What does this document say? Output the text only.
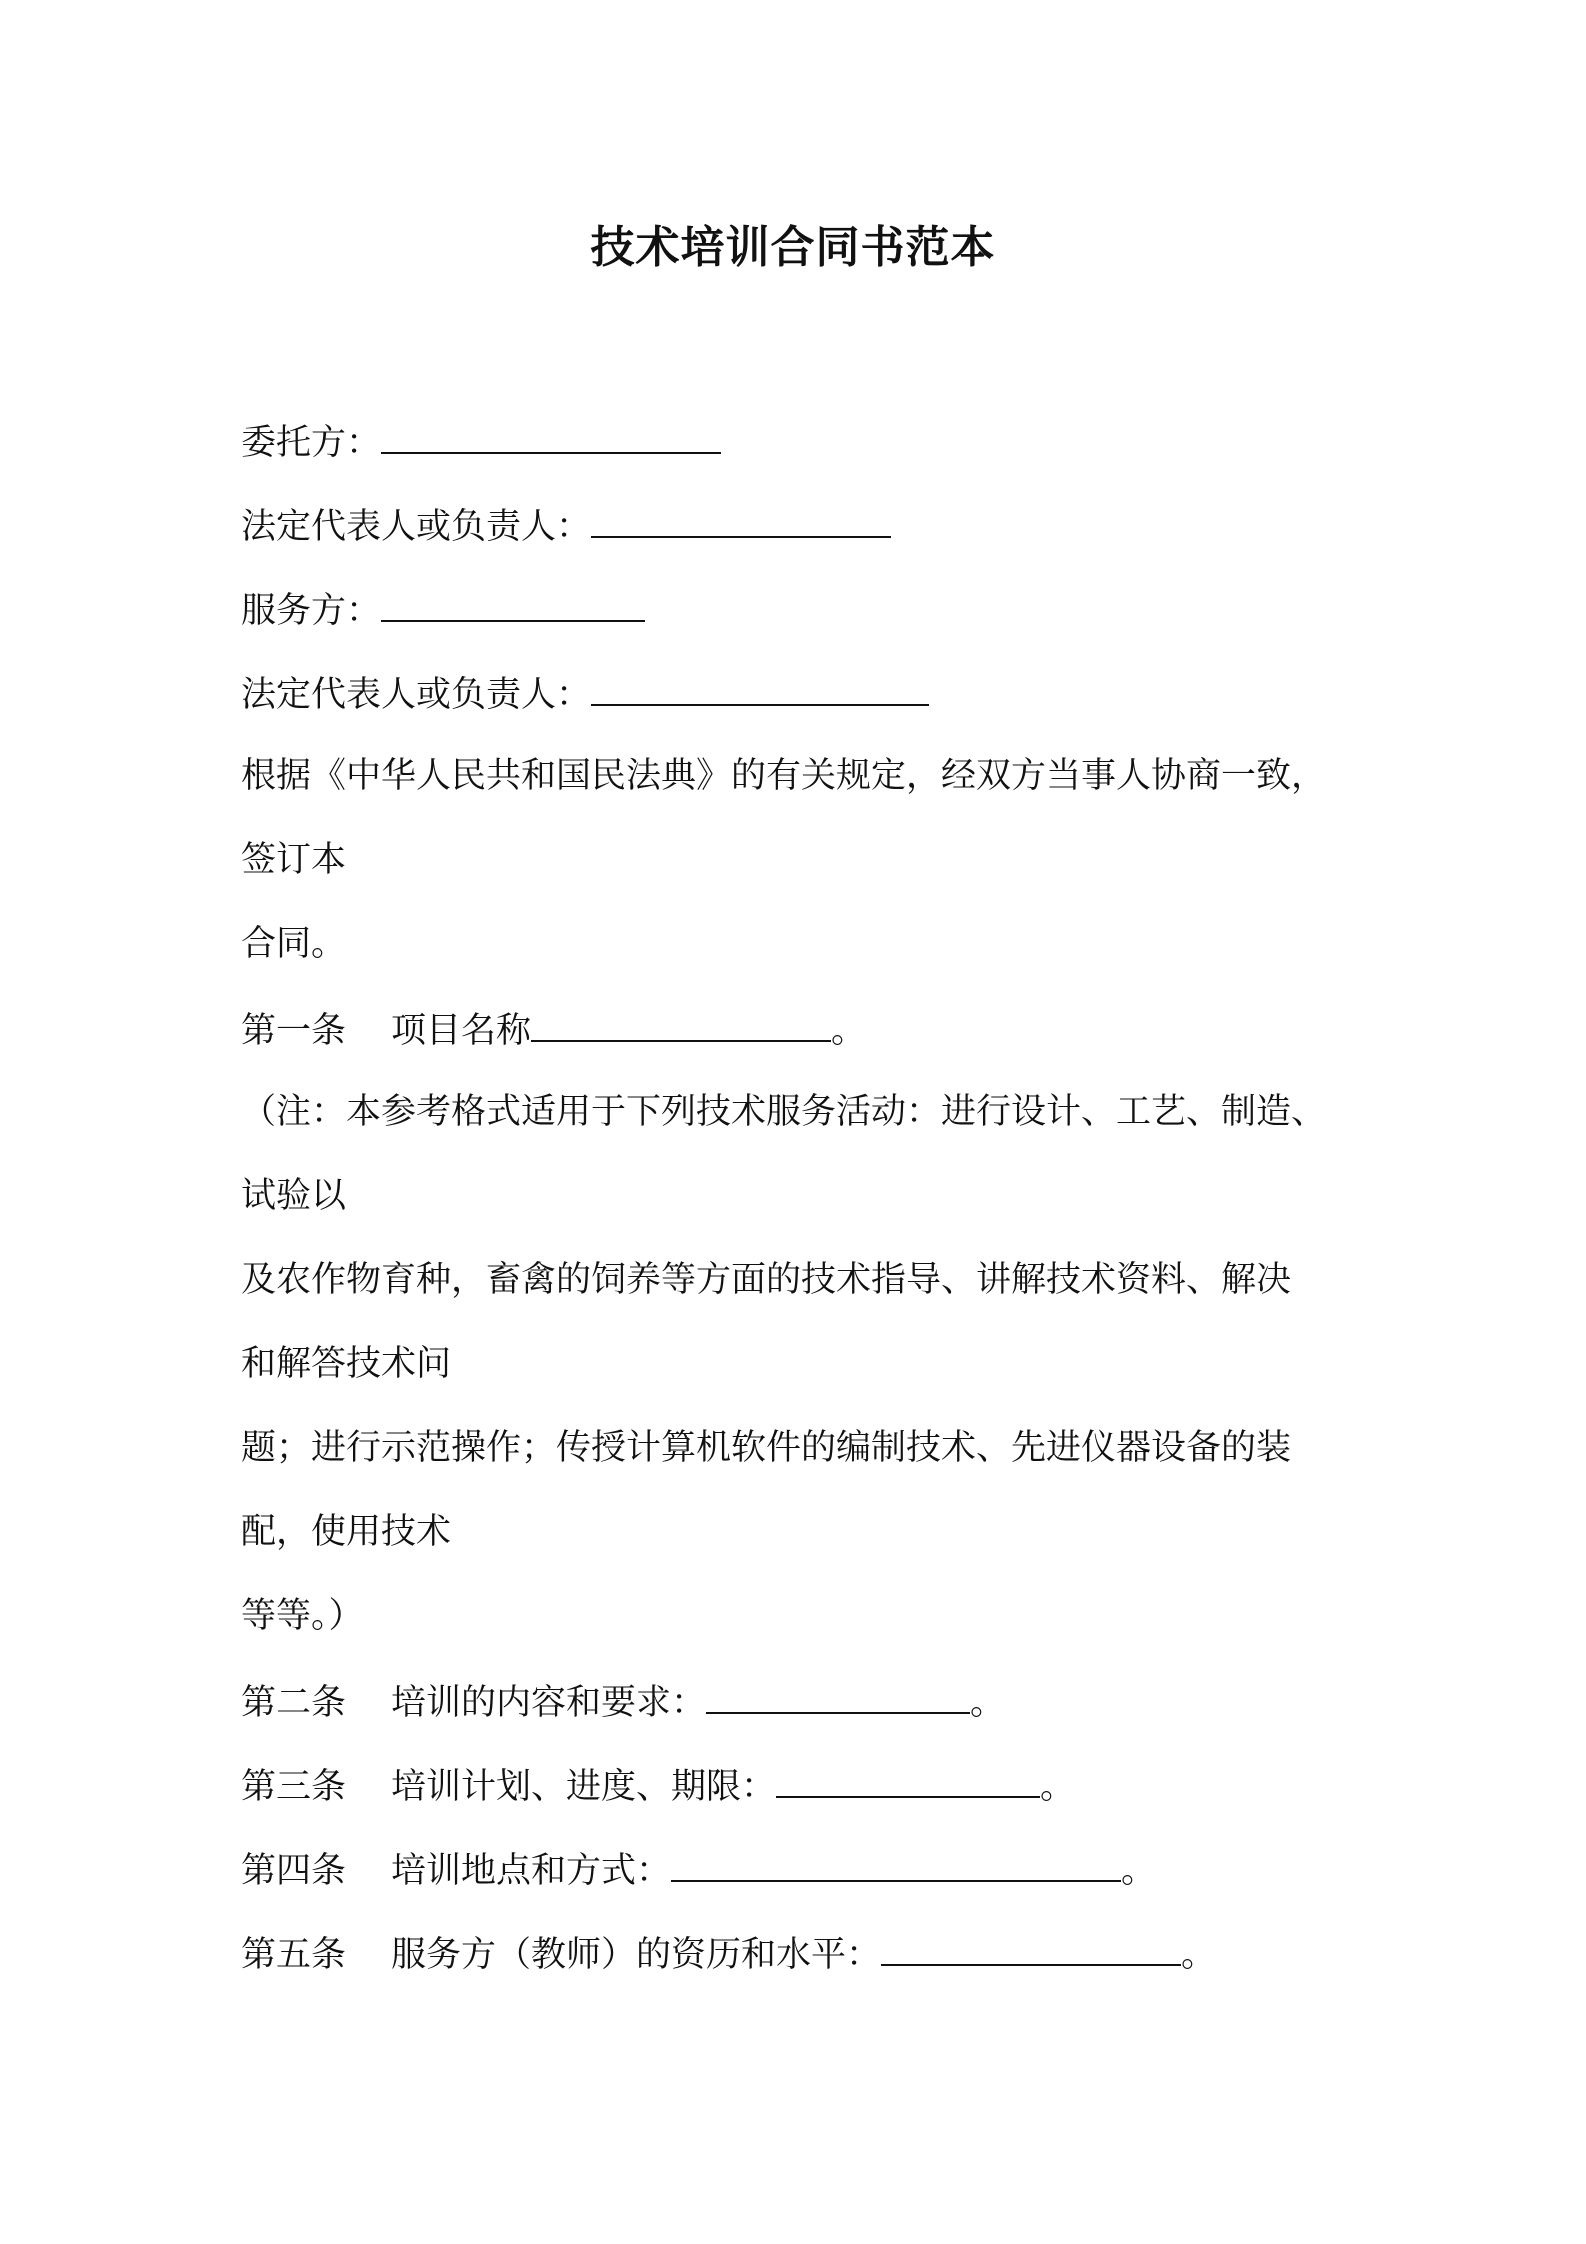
技术培训合同书范本
委托方：
法定代表人或负责人：
服务方：
法定代表人或负责人：
根据《中华人民共和国民法典》的有关规定，经双方当事人协商一致，
签订本
合同。
第一条 项目名称	。
（注：本参考格式适用于下列技术服务活动：进行设计、工艺、制造、
试验以
及农作物育种，畜禽的饲养等方面的技术指导、讲解技术资料、解决
和解答技术问
题；进行示范操作；传授计算机软件的编制技术、先进仪器设备的装
配，使用技术
等等。）
第二条 培训的内容和要求：	。
第三条 培训计划、进度、期限：	。
第四条 培训地点和方式：	。
第五条 服务方（教师）的资历和水平：	。
